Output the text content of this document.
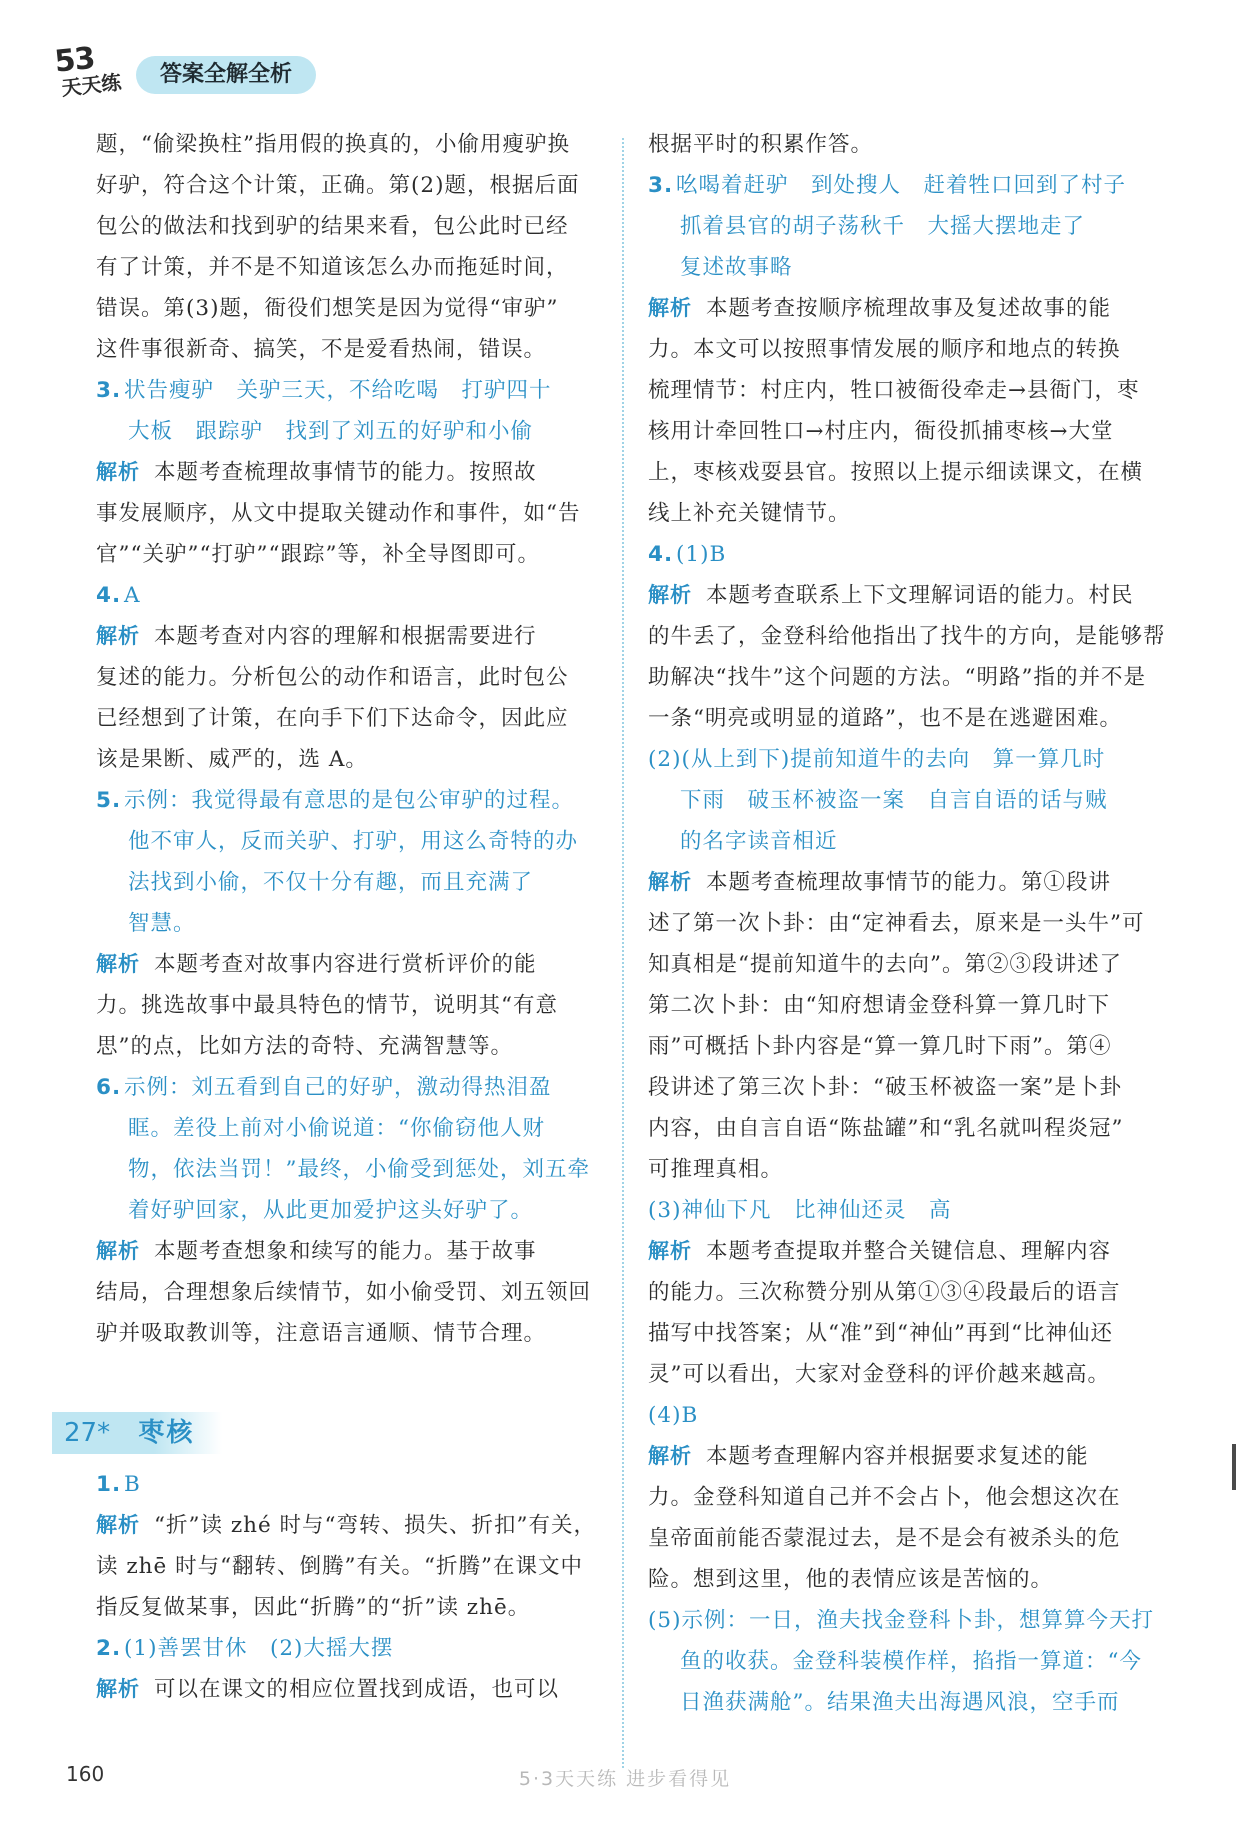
53
天天练	答案全解全析
题，“偷梁换柱”指用假的换真的，小偷用瘦驴换
好驴，符合这个计策，正确。第(2)题，根据后面
包公的做法和找到驴的结果来看，包公此时已经
有了计策，并不是不知道该怎么办而拖延时间，
错误。第(3)题，衙役们想笑是因为觉得“审驴”
这件事很新奇、搞笑，不是爱看热闹，错误。
3. 状告瘦驴　关驴三天，不给吃喝　打驴四十
大板　跟踪驴　找到了刘五的好驴和小偷
解析 本题考查梳理故事情节的能力。按照故
事发展顺序，从文中提取关键动作和事件，如“告
官”“关驴”“打驴”“跟踪”等，补全导图即可。
4. A
解析 本题考查对内容的理解和根据需要进行
复述的能力。分析包公的动作和语言，此时包公
已经想到了计策，在向手下们下达命令，因此应
该是果断、威严的，选 A。
5. 示例：我觉得最有意思的是包公审驴的过程。
他不审人，反而关驴、打驴，用这么奇特的办
法找到小偷，不仅十分有趣，而且充满了
智慧。
解析 本题考查对故事内容进行赏析评价的能
力。挑选故事中最具特色的情节，说明其“有意
思”的点，比如方法的奇特、充满智慧等。
6. 示例：刘五看到自己的好驴，激动得热泪盈
眶。差役上前对小偷说道：“你偷窃他人财
物，依法当罚！”最终，小偷受到惩处，刘五牵
着好驴回家，从此更加爱护这头好驴了。
解析 本题考查想象和续写的能力。基于故事
结局，合理想象后续情节，如小偷受罚、刘五领回
驴并吸取教训等，注意语言通顺、情节合理。
27* 枣核
1. B
解析 “折”读 zhé 时与“弯转、损失、折扣”有关，
读 zhē 时与“翻转、倒腾”有关。“折腾”在课文中
指反复做某事，因此“折腾”的“折”读 zhē。
2. (1)善罢甘休　(2)大摇大摆
解析 可以在课文的相应位置找到成语，也可以
根据平时的积累作答。
3. 吆喝着赶驴　到处搜人　赶着牲口回到了村子
抓着县官的胡子荡秋千　大摇大摆地走了
复述故事略
解析 本题考查按顺序梳理故事及复述故事的能
力。本文可以按照事情发展的顺序和地点的转换
梳理情节：村庄内，牲口被衙役牵走→县衙门，枣
核用计牵回牲口→村庄内，衙役抓捕枣核→大堂
上，枣核戏耍县官。按照以上提示细读课文，在横
线上补充关键情节。
4. (1)B
解析 本题考查联系上下文理解词语的能力。村民
的牛丢了，金登科给他指出了找牛的方向，是能够帮
助解决“找牛”这个问题的方法。“明路”指的并不是
一条“明亮或明显的道路”，也不是在逃避困难。
(2)(从上到下)提前知道牛的去向　算一算几时
下雨　破玉杯被盗一案　自言自语的话与贼
的名字读音相近
解析 本题考查梳理故事情节的能力。第①段讲
述了第一次卜卦：由“定神看去，原来是一头牛”可
知真相是“提前知道牛的去向”。第②③段讲述了
第二次卜卦：由“知府想请金登科算一算几时下
雨”可概括卜卦内容是“算一算几时下雨”。第④
段讲述了第三次卜卦：“破玉杯被盗一案”是卜卦
内容，由自言自语“陈盐罐”和“乳名就叫程炎冠”
可推理真相。
(3)神仙下凡　比神仙还灵　高
解析 本题考查提取并整合关键信息、理解内容
的能力。三次称赞分别从第①③④段最后的语言
描写中找答案；从“准”到“神仙”再到“比神仙还
灵”可以看出，大家对金登科的评价越来越高。
(4)B
解析 本题考查理解内容并根据要求复述的能
力。金登科知道自己并不会占卜，他会想这次在
皇帝面前能否蒙混过去，是不是会有被杀头的危
险。想到这里，他的表情应该是苦恼的。
(5)示例：一日，渔夫找金登科卜卦，想算算今天打
鱼的收获。金登科装模作样，掐指一算道：“今
日渔获满舱”。结果渔夫出海遇风浪，空手而
160	5·3天天练 进步看得见
